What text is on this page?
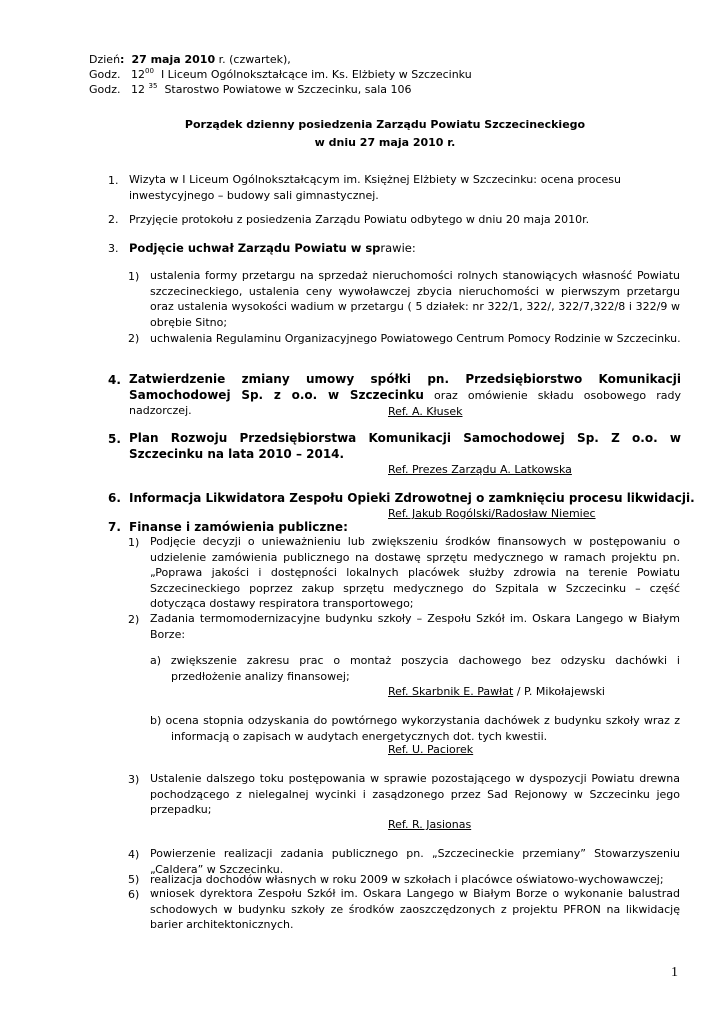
Dzień: 27 maja 2010 r. (czwartek),
Godz. $12^{00}$ I Liceum Ogólnokształcące im. Ks. Elżbiety w Szczecinku
Godz. 12 $^{35}$ Starostwo Powiatowe w Szczecinku, sala 106
Porządek dzienny posiedzenia Zarządu Powiatu Szczecineckiego
w dniu 27 maja 2010 r.
1. Wizyta w I Liceum Ogólnokształcącym im. Księżnej Elżbiety w Szczecinku: ocena procesu inwestycyjnego – budowy sali gimnastycznej.
2. Przyjęcie protokołu z posiedzenia Zarządu Powiatu odbytego w dniu 20 maja 2010r.
3. Podjęcie uchwał Zarządu Powiatu w sprawie:
1) ustalenia formy przetargu na sprzedaż nieruchomości rolnych stanowiących własność Powiatu szczecineckiego, ustalenia ceny wywoławczej zbycia nieruchomości w pierwszym przetargu oraz ustalenia wysokości wadium w przetargu ( 5 działek: nr 322/1, 322/, 322/7,322/8 i 322/9 w obrębie Sitno;
2) uchwalenia Regulaminu Organizacyjnego Powiatowego Centrum Pomocy Rodzinie w Szczecinku.
4. Zatwierdzenie zmiany umowy spółki pn. Przedsiębiorstwo Komunikacji Samochodowej Sp. z o.o. w Szczecinku oraz omówienie składu osobowego rady nadzorczej.	Ref. A. Kłusek
5. Plan Rozwoju Przedsiębiorstwa Komunikacji Samochodowej Sp. Z o.o. w Szczecinku na lata 2010 – 2014.
Ref. Prezes Zarządu A. Latkowska
6. Informacja Likwidatora Zespołu Opieki Zdrowotnej o zamknięciu procesu likwidacji.
Ref. Jakub Rogólski/Radosław Niemiec
7. Finanse i zamówienia publiczne:
1) Podjęcie decyzji o unieważnieniu lub zwiększeniu środków finansowych w postępowaniu o udzielenie zamówienia publicznego na dostawę sprzętu medycznego w ramach projektu pn. „Poprawa jakości i dostępności lokalnych placówek służby zdrowia na terenie Powiatu Szczecineckiego poprzez zakup sprzętu medycznego do Szpitala w Szczecinku – część dotycząca dostawy respiratora transportowego;
2) Zadania termomodernizacyjne budynku szkoły – Zespołu Szkół im. Oskara Langego w Białym Borze:
a) zwiększenie zakresu prac o montaż poszycia dachowego bez odzysku dachówki i przedłożenie analizy finansowej;
Ref. Skarbnik E. Pawłat / P. Mikołajewski
b) ocena stopnia odzyskania do powtórnego wykorzystania dachówek z budynku szkoły wraz z informacją o zapisach w audytach energetycznych dot. tych kwestii.
Ref. U. Paciorek
3) Ustalenie dalszego toku postępowania w sprawie pozostającego w dyspozycji Powiatu drewna pochodzącego z nielegalnej wycinki i zasądzonego przez Sad Rejonowy w Szczecinku jego przepadku;
Ref. R. Jasionas
4) Powierzenie realizacji zadania publicznego pn. „Szczecineckie przemiany” Stowarzyszeniu „Caldera” w Szczecinku.
5) realizacja dochodów własnych w roku 2009 w szkołach i placówce oświatowo-wychowawczej;
6) wniosek dyrektora Zespołu Szkół im. Oskara Langego w Białym Borze o wykonanie balustrad schodowych w budynku szkoły ze środków zaoszczędzonych z projektu PFRON na likwidację barier architektonicznych.
1
